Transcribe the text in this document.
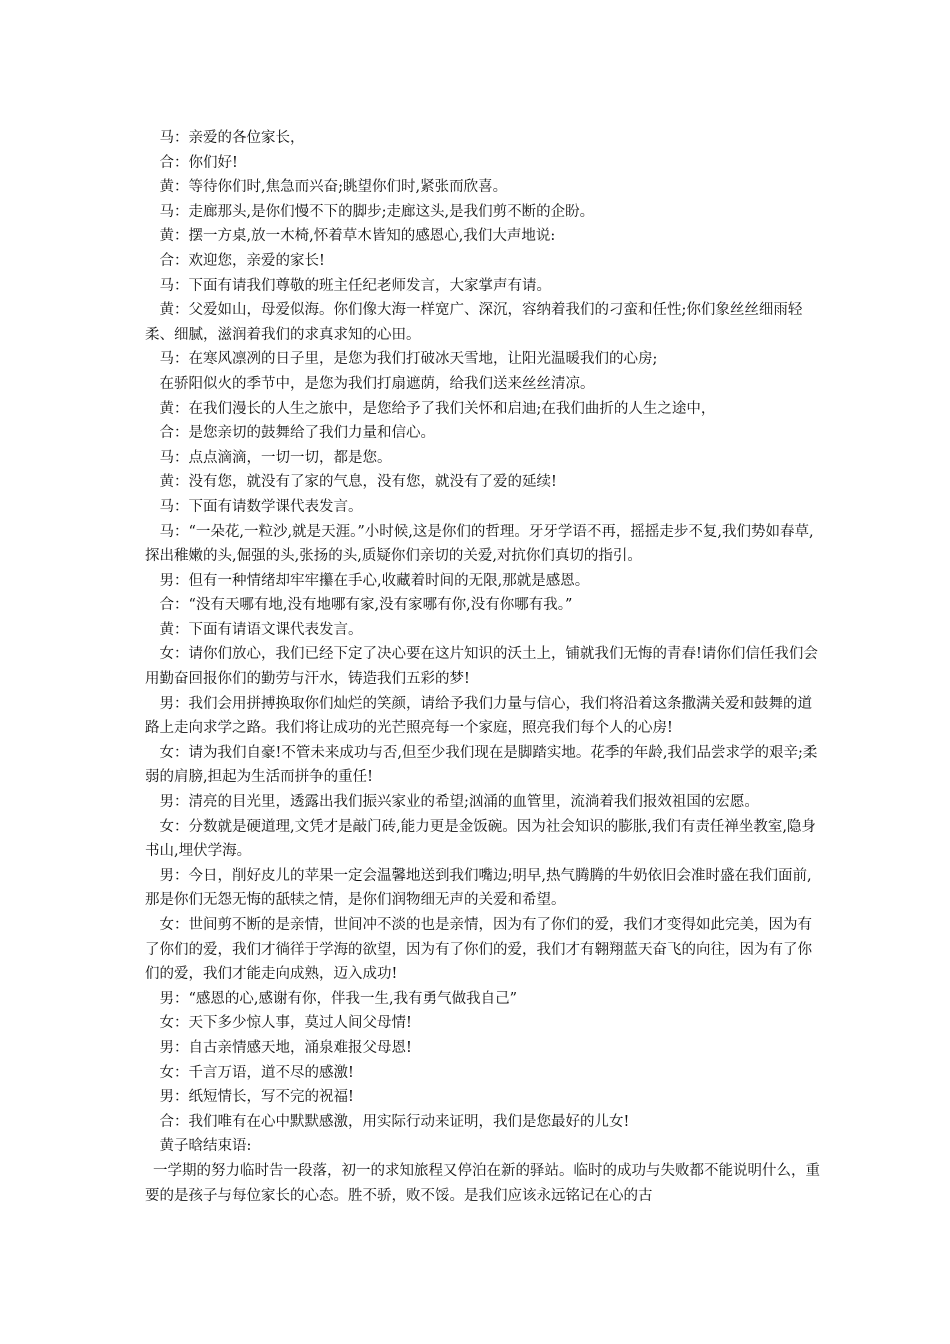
马：亲爱的各位家长，

合：你们好!

黄：等待你们时,焦急而兴奋;眺望你们时,紧张而欣喜。

马：走廊那头,是你们慢不下的脚步;走廊这头,是我们剪不断的企盼。

黄：摆一方桌,放一木椅,怀着草木皆知的感恩心,我们大声地说:

合：欢迎您，亲爱的家长!

马：下面有请我们尊敬的班主任纪老师发言，大家掌声有请。

黄：父爱如山，母爱似海。你们像大海一样宽广、深沉，容纳着我们的刁蛮和任性;你们象丝丝细雨轻柔、细腻，滋润着我们的求真求知的心田。

马：在寒风凛冽的日子里，是您为我们打破冰天雪地，让阳光温暖我们的心房;

在骄阳似火的季节中，是您为我们打扇遮荫，给我们送来丝丝清凉。

黄：在我们漫长的人生之旅中，是您给予了我们关怀和启迪;在我们曲折的人生之途中，

合：是您亲切的鼓舞给了我们力量和信心。

马：点点滴滴，一切一切，都是您。

黄：没有您，就没有了家的气息，没有您，就没有了爱的延续!

马：下面有请数学课代表发言。

马：“一朵花,一粒沙,就是天涯。”小时候,这是你们的哲理。牙牙学语不再，摇摇走步不复,我们势如春草,探出稚嫩的头,倔强的头,张扬的头,质疑你们亲切的关爱,对抗你们真切的指引。

男：但有一种情绪却牢牢攥在手心,收藏着时间的无限,那就是感恩。

合：“没有天哪有地,没有地哪有家,没有家哪有你,没有你哪有我。”

黄：下面有请语文课代表发言。

女：请你们放心，我们已经下定了决心要在这片知识的沃土上，铺就我们无悔的青春!请你们信任我们会用勤奋回报你们的勤劳与汗水，铸造我们五彩的梦!

男：我们会用拼搏换取你们灿烂的笑颜，请给予我们力量与信心，我们将沿着这条撒满关爱和鼓舞的道路上走向求学之路。我们将让成功的光芒照亮每一个家庭，照亮我们每个人的心房!

女：请为我们自豪!不管未来成功与否,但至少我们现在是脚踏实地。花季的年龄,我们品尝求学的艰辛;柔弱的肩膀,担起为生活而拼争的重任!

男：清亮的目光里，透露出我们振兴家业的希望;汹涌的血管里，流淌着我们报效祖国的宏愿。

女：分数就是硬道理,文凭才是敲门砖,能力更是金饭碗。因为社会知识的膨胀,我们有责任禅坐教室,隐身书山,埋伏学海。

男：今日，削好皮儿的苹果一定会温馨地送到我们嘴边;明早,热气腾腾的牛奶依旧会准时盛在我们面前,那是你们无怨无悔的舐犊之情，是你们润物细无声的关爱和希望。

女：世间剪不断的是亲情，世间冲不淡的也是亲情，因为有了你们的爱，我们才变得如此完美，因为有了你们的爱，我们才徜徉于学海的欲望，因为有了你们的爱，我们才有翱翔蓝天奋飞的向往，因为有了你们的爱，我们才能走向成熟，迈入成功!

男：“感恩的心,感谢有你，伴我一生,我有勇气做我自己”

女：天下多少惊人事，莫过人间父母情!

男：自古亲情感天地，涌泉难报父母恩!

女：千言万语，道不尽的感激!

男：纸短情长，写不完的祝福!

合：我们唯有在心中默默感激，用实际行动来证明，我们是您最好的儿女!

黄子晗结束语:

一学期的努力临时告一段落，初一的求知旅程又停泊在新的驿站。临时的成功与失败都不能说明什么，重要的是孩子与每位家长的心态。胜不骄，败不馁。是我们应该永远铭记在心的古
